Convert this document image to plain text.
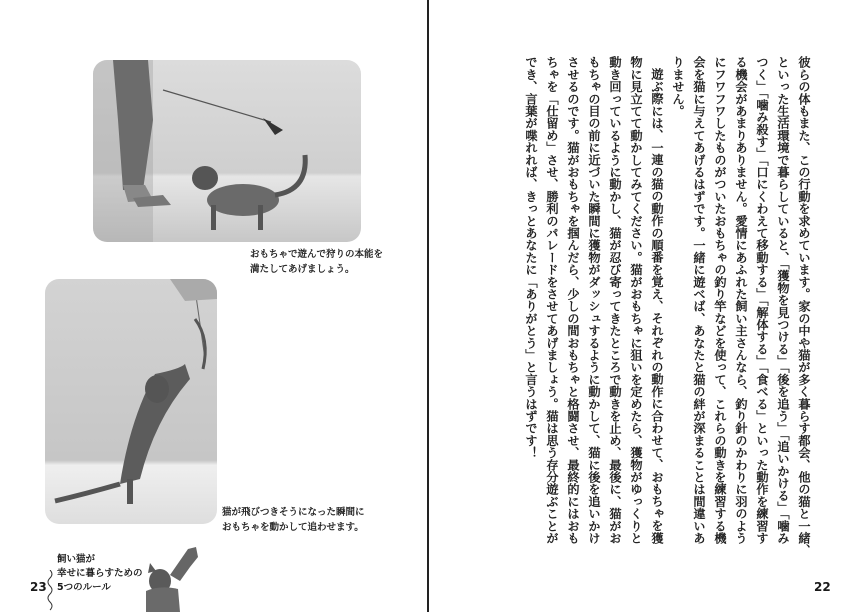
彼らの体もまた、この行動を求めています。家の中や猫が多く暮らす都会、他の猫と一緒、
といった生活環境で暮らしていると、「獲物を見つける」「後を追う」「追いかける」「噛み
つく」「噛み殺す」「口にくわえて移動する」「解体する」「食べる」といった動作を練習す
る機会があまりありません。愛情にあふれた飼い主さんなら、釣り針のかわりに羽のよう
にフワフワしたものがついたおもちゃの釣り竿などを使って、これらの動きを練習する機
会を猫に与えてあげるはずです。一緒に遊べば、あなたと猫の絆が深まることは間違いあ
りません。
遊ぶ際には、一連の猫の動作の順番を覚え、それぞれの動作に合わせて、おもちゃを獲
物に見立てて動かしてみてください。猫がおもちゃに狙いを定めたら、獲物がゆっくりと
動き回っているように動かし、猫が忍び寄ってきたところで動きを止め、最後に、猫がお
もちゃの目の前に近づいた瞬間に獲物がダッシュするように動かして、猫に後を追いかけ
させるのです。猫がおもちゃを掴んだら、少しの間おもちゃと格闘させ、最終的にはおも
ちゃを「仕留め」させ、勝利のパレードをさせてあげましょう。猫は思う存分遊ぶことが
でき、言葉が喋れれば、きっとあなたに「ありがとう」と言うはずです！
22
おもちゃで遊んで狩りの本能を
満たしてあげましょう。
猫が飛びつきそうになった瞬間に
おもちゃを動かして追わせます。
23
飼い猫が
幸せに暮らすための
5つのルール
